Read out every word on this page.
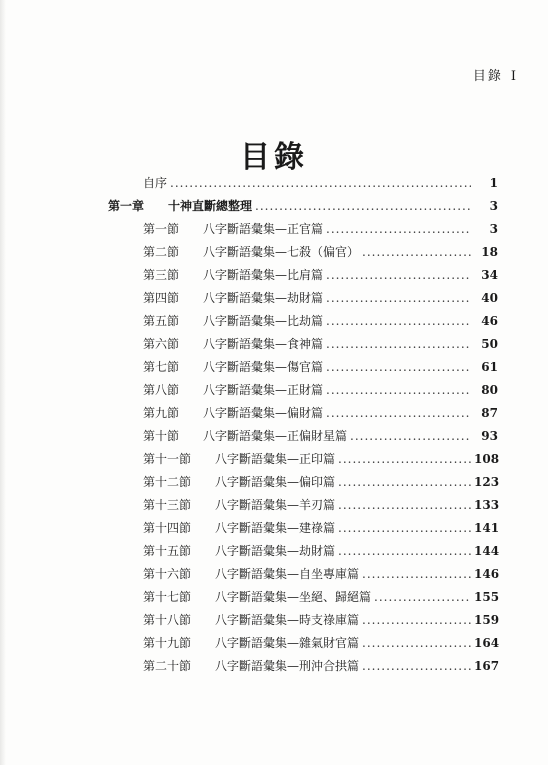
目錄 I
目錄
自序 .....	1
第一章	十神直斷總整理 .....	3
第一節	八字斷語彙集—正官篇 .....	3
第二節	八字斷語彙集—七殺（偏官） .....	18
第三節	八字斷語彙集—比肩篇 .....	34
第四節	八字斷語彙集—劫財篇 .....	40
第五節	八字斷語彙集—比劫篇 .....	46
第六節	八字斷語彙集—食神篇 .....	50
第七節	八字斷語彙集—傷官篇 .....	61
第八節	八字斷語彙集—正財篇 .....	80
第九節	八字斷語彙集—偏財篇 .....	87
第十節	八字斷語彙集—正偏財星篇 .....	93
第十一節	八字斷語彙集—正印篇 .....	108
第十二節	八字斷語彙集—偏印篇 .....	123
第十三節	八字斷語彙集—羊刃篇 .....	133
第十四節	八字斷語彙集—建祿篇 .....	141
第十五節	八字斷語彙集—劫財篇 .....	144
第十六節	八字斷語彙集—自坐專庫篇 .....	146
第十七節	八字斷語彙集—坐絕、歸絕篇 .....	155
第十八節	八字斷語彙集—時支祿庫篇 .....	159
第十九節	八字斷語彙集—雜氣財官篇 .....	164
第二十節	八字斷語彙集—刑沖合拱篇 .....	167
